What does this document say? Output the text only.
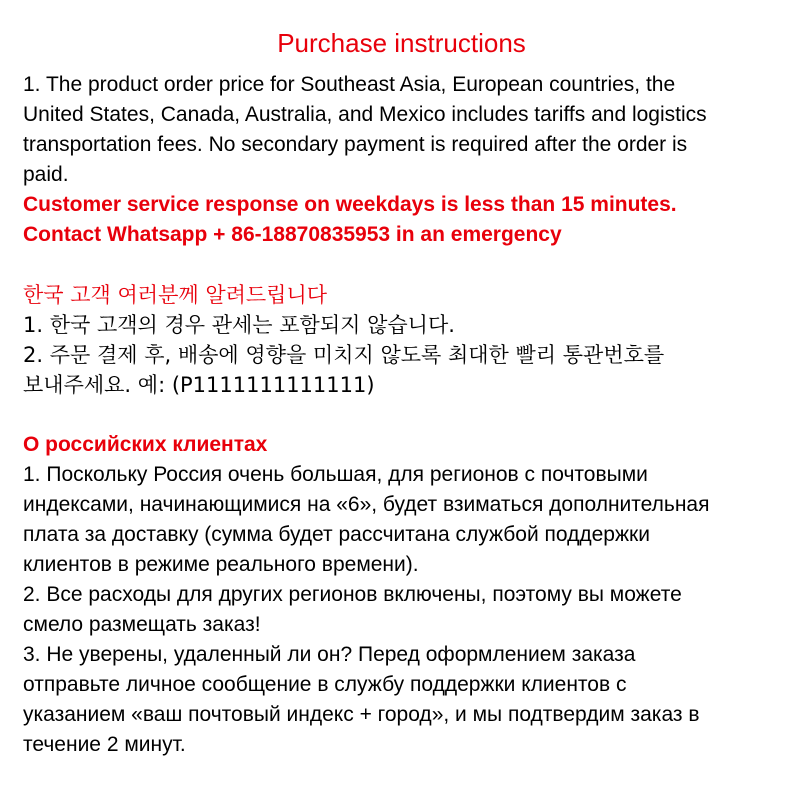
Purchase instructions

1. The product order price for Southeast Asia, European countries, the
United States, Canada, Australia, and Mexico includes tariffs and logistics
transportation fees. No secondary payment is required after the order is
paid.

Customer service response on weekdays is less than 15 minutes.
Contact Whatsapp + 86-18870835953 in an emergency

한국 고객 여러분께 알려드립니다
1. 한국 고객의 경우 관세는 포함되지 않습니다.
2. 주문 결제 후, 배송에 영향을 미치지 않도록 최대한 빨리 통관번호를
보내주세요. 예: (P1111111111111)

О российских клиентах
1. Поскольку Россия очень большая, для регионов с почтовыми
индексами, начинающимися на «6», будет взиматься дополнительная
плата за доставку (сумма будет рассчитана службой поддержки
клиентов в режиме реального времени).
2. Все расходы для других регионов включены, поэтому вы можете
смело размещать заказ!
3. Не уверены, удаленный ли он? Перед оформлением заказа
отправьте личное сообщение в службу поддержки клиентов с
указанием «ваш почтовый индекс + город», и мы подтвердим заказ в
течение 2 минут.
